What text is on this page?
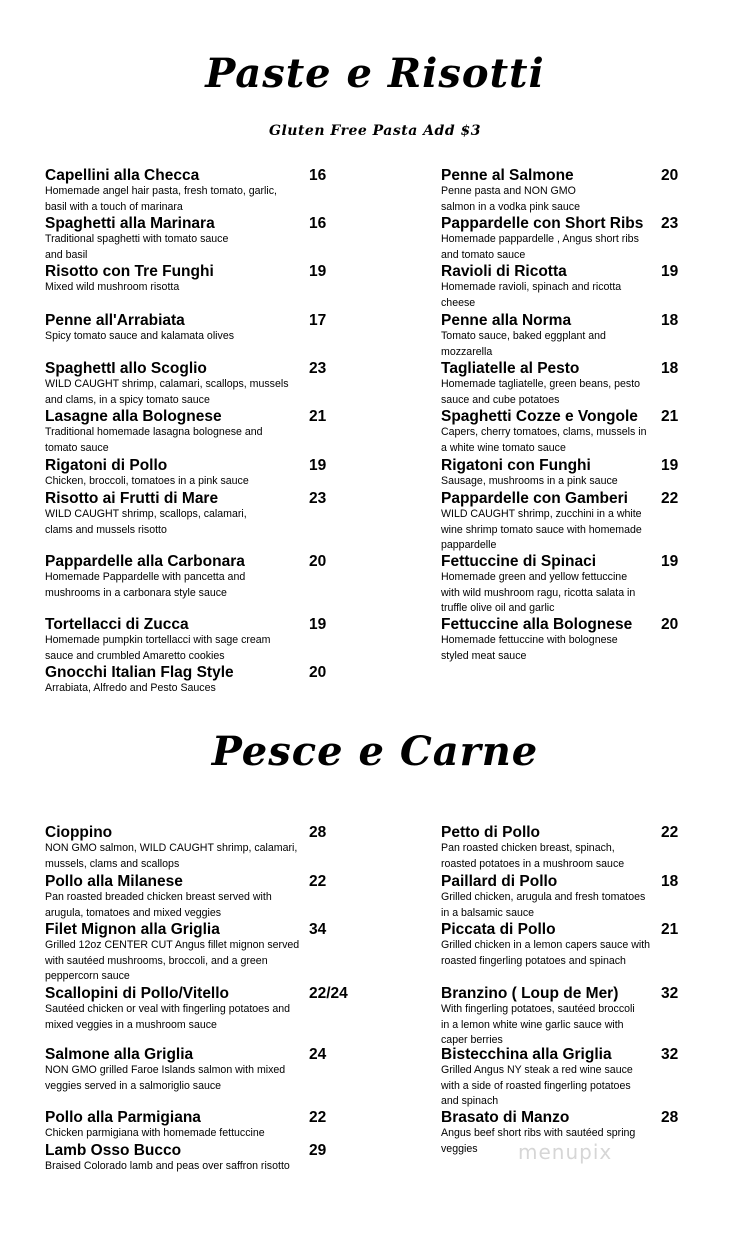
Paste e Risotti
Gluten Free Pasta Add $3
Pesce e Carne
Capellini alla Checca	16
Homemade angel hair pasta, fresh tomato, garlic,
basil with a touch of marinara
Spaghetti alla Marinara	16
Traditional spaghetti with tomato sauce
and basil
Risotto con Tre Funghi	19
Mixed wild mushroom risotta
Penne all'Arrabiata	17
Spicy tomato sauce and kalamata olives
SpaghettI allo Scoglio	23
WILD CAUGHT shrimp, calamari, scallops, mussels
and clams, in a spicy tomato sauce
Lasagne alla Bolognese	21
Traditional homemade lasagna bolognese and
tomato sauce
Rigatoni di Pollo	19
Chicken, broccoli, tomatoes in a pink sauce
Risotto ai Frutti di Mare	23
WILD CAUGHT shrimp, scallops, calamari,
clams and mussels risotto
Pappardelle alla Carbonara	20
Homemade Pappardelle with pancetta and
mushrooms in a carbonara style sauce
Tortellacci di Zucca	19
Homemade pumpkin tortellacci with sage cream
sauce and crumbled Amaretto cookies
Gnocchi Italian Flag Style	20
Arrabiata, Alfredo and Pesto Sauces
Cioppino	28
NON GMO salmon, WILD CAUGHT shrimp, calamari,
mussels, clams and scallops
Pollo alla Milanese	22
Pan roasted breaded chicken breast served with
arugula, tomatoes and mixed veggies
Filet Mignon alla Griglia	34
Grilled 12oz CENTER CUT Angus fillet mignon served
with sautéed mushrooms, broccoli, and a green
peppercorn sauce
Scallopini di Pollo/Vitello	22/24
Sautéed chicken or veal with fingerling potatoes and
mixed veggies in a mushroom sauce
Salmone alla Griglia	24
NON GMO grilled Faroe Islands salmon with mixed
veggies served in a salmoriglio sauce
Pollo alla Parmigiana	22
Chicken parmigiana with homemade fettuccine
Lamb Osso Bucco	29
Braised Colorado lamb and peas over saffron risotto
Penne al Salmone	20
Penne pasta and NON GMO
salmon in a vodka pink sauce
Pappardelle con Short Ribs	23
Homemade pappardelle , Angus short ribs
and tomato sauce
Ravioli di Ricotta	19
Homemade ravioli, spinach and ricotta
cheese
Penne alla Norma	18
Tomato sauce, baked eggplant and
mozzarella
Tagliatelle al Pesto	18
Homemade tagliatelle, green beans, pesto
sauce and cube potatoes
Spaghetti Cozze e Vongole	21
Capers, cherry tomatoes, clams, mussels in
a white wine tomato sauce
Rigatoni con Funghi	19
Sausage, mushrooms in a pink sauce
Pappardelle con Gamberi	22
WILD CAUGHT shrimp, zucchini in a white
wine shrimp tomato sauce with homemade
pappardelle
Fettuccine di Spinaci	19
Homemade green and yellow fettuccine
with wild mushroom ragu, ricotta salata in
truffle olive oil and garlic
Fettuccine alla Bolognese	20
Homemade fettuccine with bolognese
styled meat sauce
Petto di Pollo	22
Pan roasted chicken breast, spinach,
roasted potatoes in a mushroom sauce
Paillard di Pollo	18
Grilled chicken, arugula and fresh tomatoes
in a balsamic sauce
Piccata di Pollo	21
Grilled chicken in a lemon capers sauce with
roasted fingerling potatoes and spinach
Branzino ( Loup de Mer)	32
With fingerling potatoes, sautéed broccoli
in a lemon white wine garlic sauce with
caper berries
Bistecchina alla Griglia	32
Grilled Angus NY steak a red wine sauce
with a side of roasted fingerling potatoes
and spinach
Brasato di Manzo	28
Angus beef short ribs with sautéed spring
veggies	menupix
